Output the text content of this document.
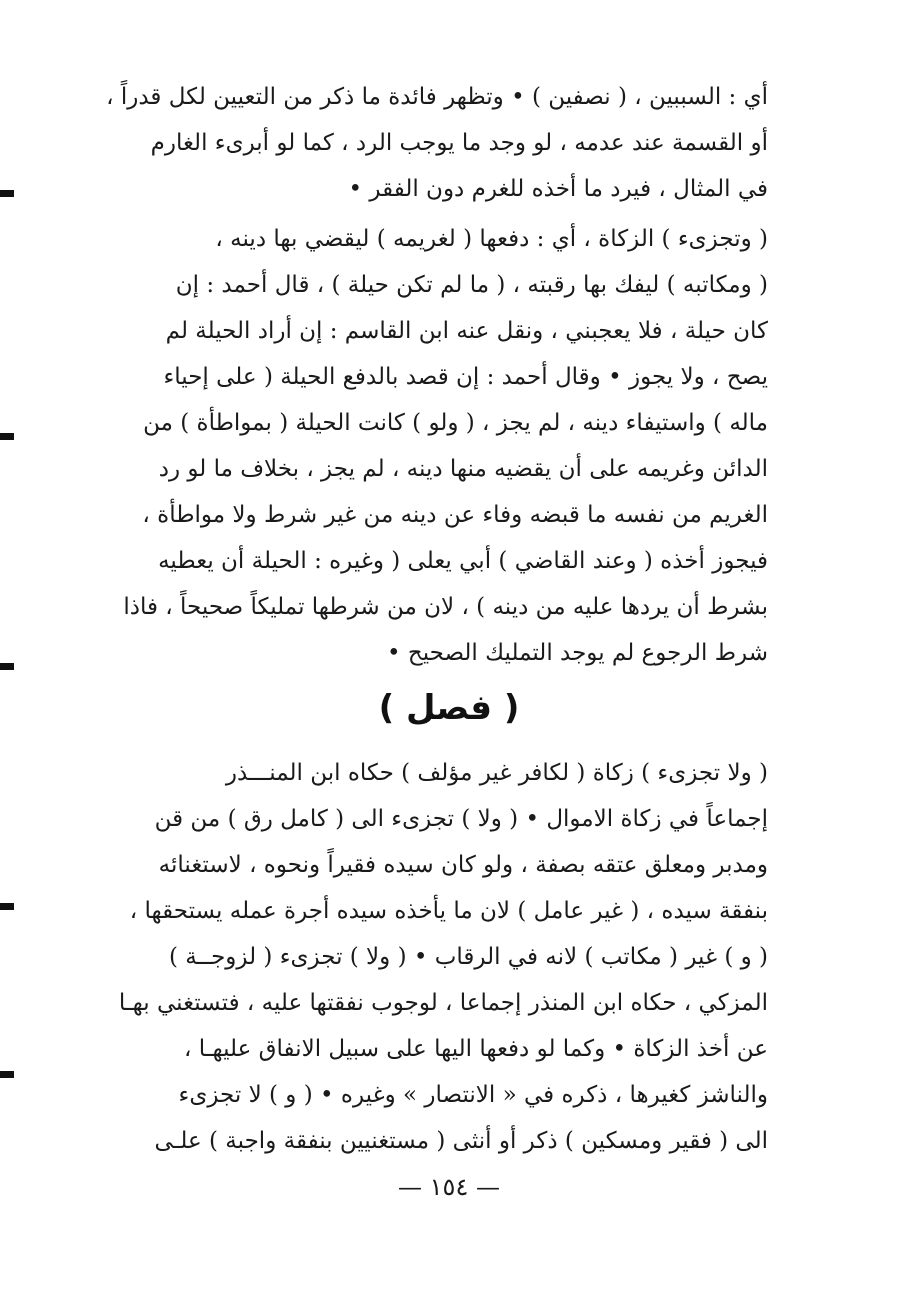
أي : السببين ، ( نصفين ) • وتظهر فائدة ما ذكر من التعيين لكل قدراً ،
أو القسمة عند عدمه ، لو وجد ما يوجب الرد ، كما لو أبرىء الغارم
في المثال ، فيرد ما أخذه للغرم دون الفقر •
( وتجزىء ) الزكاة ، أي : دفعها ( لغريمه ) ليقضي بها دينه ،
( ومكاتبه ) ليفك بها رقبته ، ( ما لم تكن حيلة ) ، قال أحمد : إن
كان حيلة ، فلا يعجبني ، ونقل عنه ابن القاسم : إن أراد الحيلة لم
يصح ، ولا يجوز • وقال أحمد : إن قصد بالدفع الحيلة ( على إحياء
ماله ) واستيفاء دينه ، لم يجز ، ( ولو ) كانت الحيلة ( بمواطأة ) من
الدائن وغريمه على أن يقضيه منها دينه ، لم يجز ، بخلاف ما لو رد
الغريم من نفسه ما قبضه وفاء عن دينه من غير شرط ولا مواطأة ،
فيجوز أخذه ( وعند القاضي ) أبي يعلى ( وغيره : الحيلة أن يعطيه
بشرط أن يردها عليه من دينه ) ، لان من شرطها تمليكاً صحيحاً ، فاذا
شرط الرجوع لم يوجد التمليك الصحيح •
( فصل )
( ولا تجزىء ) زكاة ( لكافر غير مؤلف ) حكاه ابن المنـــذر
إجماعاً في زكاة الاموال • ( ولا ) تجزىء الى ( كامل رق ) من قن
ومدبر ومعلق عتقه بصفة ، ولو كان سيده فقيراً ونحوه ، لاستغنائه
بنفقة سيده ، ( غير عامل ) لان ما يأخذه سيده أجرة عمله يستحقها ،
( و ) غير ( مكاتب ) لانه في الرقاب • ( ولا ) تجزىء ( لزوجــة )
المزكي ، حكاه ابن المنذر إجماعا ، لوجوب نفقتها عليه ، فتستغني بهـا
عن أخذ الزكاة • وكما لو دفعها اليها على سبيل الانفاق عليهـا ،
والناشز كغيرها ، ذكره في « الانتصار » وغيره • ( و ) لا تجزىء
الى ( فقير ومسكين ) ذكر أو أنثى ( مستغنيين بنفقة واجبة ) علـى
— ١٥٤ —
